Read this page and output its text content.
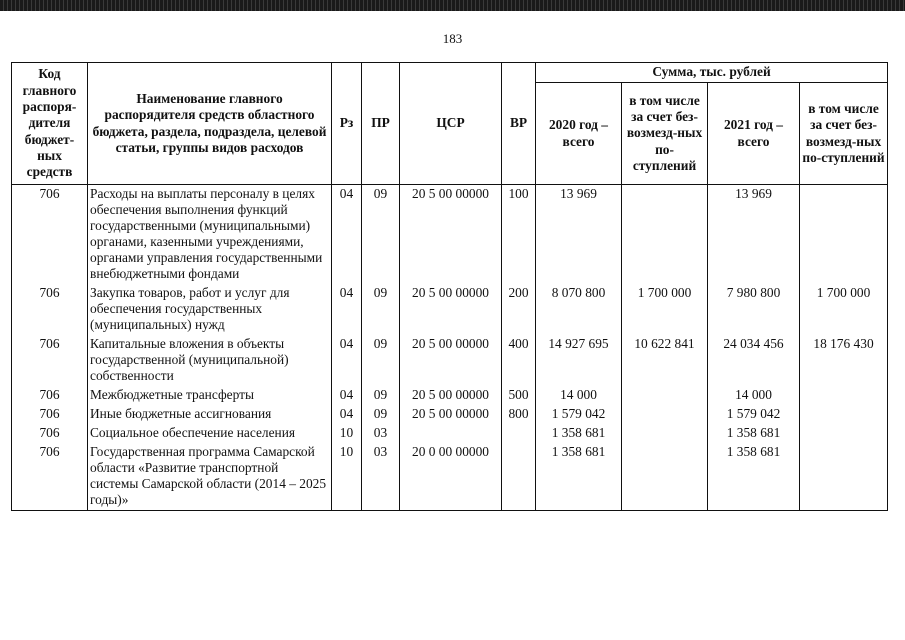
183
Код главного распоря-дителя бюджет-ных средств	Наименование главного распорядителя средств областного бюджета, раздела, подраздела, целевой статьи, группы видов расходов	Рз	ПР	ЦСР	ВР	Сумма, тыс. рублей			
						2020 год – всего	в том числе за счет без-возмезд-ных по-ступлений	2021 год – всего	в том числе за счет без-возмезд-ных по-ступлений
706	Расходы на выплаты персоналу в целях обеспечения выполнения функций государственными (муниципальными) органами, казенными учреждениями, органами управления государственными внебюджетными фондами	04	09	20 5 00 00000	100	13 969		13 969	
706	Закупка товаров, работ и услуг для обеспечения государственных (муниципальных) нужд	04	09	20 5 00 00000	200	8 070 800	1 700 000	7 980 800	1 700 000
706	Капитальные вложения в объекты государственной (муниципальной) собственности	04	09	20 5 00 00000	400	14 927 695	10 622 841	24 034 456	18 176 430
706	Межбюджетные трансферты	04	09	20 5 00 00000	500	14 000		14 000	
706	Иные бюджетные ассигнования	04	09	20 5 00 00000	800	1 579 042		1 579 042	
706	Социальное обеспечение населения	10	03			1 358 681		1 358 681	
706	Государственная программа Самарской области «Развитие транспортной системы Самарской области (2014 – 2025 годы)»	10	03	20 0 00 00000		1 358 681		1 358 681	
